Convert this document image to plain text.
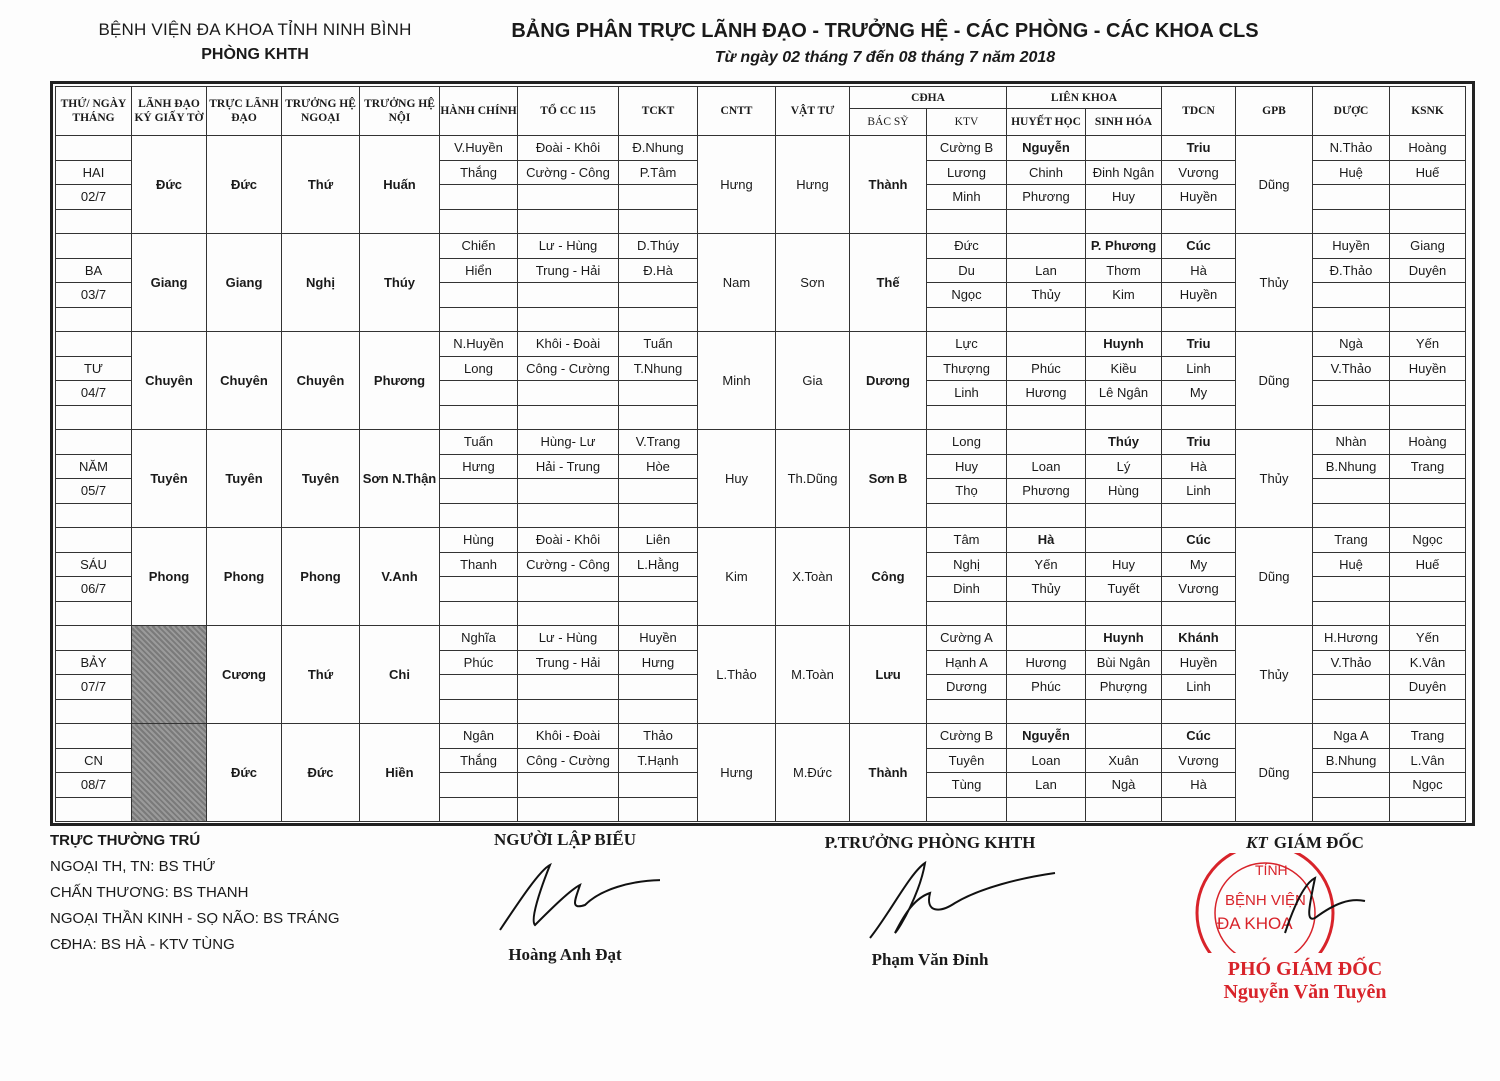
BỆNH VIỆN ĐA KHOA TỈNH NINH BÌNH
PHÒNG KHTH
BẢNG PHÂN TRỰC LÃNH ĐẠO - TRƯỞNG HỆ - CÁC PHÒNG - CÁC KHOA CLS
Từ ngày 02 tháng 7 đến 08 tháng 7 năm 2018
THỨ/ NGÀY THÁNG	LÃNH ĐẠO KÝ GIẤY TỜ	TRỰC LÃNH ĐẠO	TRƯỞNG HỆ NGOẠI	TRƯỞNG HỆ NỘI	HÀNH CHÍNH	TỔ CC 115	TCKT	CNTT	VẬT TƯ	CĐHA		LIÊN KHOA		TDCN	GPB	DƯỢC	KSNK
										BÁC SỸ	KTV	HUYẾT HỌC	SINH HÓA				
	Đức	Đức	Thứ	Huấn	V.Huyền	Đoài - Khôi	Đ.Nhung	Hưng	Hưng	Thành	Cường B	Nguyễn		Triu	Dũng	N.Thảo	Hoàng
HAI					Thắng	Cường - Công	P.Tâm				Lương	Chinh	Đinh Ngân	Vương		Huệ	Huế
02/7											Minh	Phương	Huy	Huyền			

	Giang	Giang	Nghị	Thúy	Chiến	Lư - Hùng	D.Thúy	Nam	Sơn	Thế	Đức		P. Phương	Cúc	Thủy	Huyền	Giang
BA					Hiển	Trung - Hải	Đ.Hà				Du	Lan	Thơm	Hà		Đ.Thảo	Duyên
03/7											Ngọc	Thủy	Kim	Huyền			

	Chuyên	Chuyên	Chuyên	Phương	N.Huyền	Khôi - Đoài	Tuấn	Minh	Gia	Dương	Lực		Huynh	Triu	Dũng	Ngà	Yến
TƯ					Long	Công - Cường	T.Nhung				Thượng	Phúc	Kiều	Linh		V.Thảo	Huyền
04/7											Linh	Hương	Lê Ngân	My			

	Tuyên	Tuyên	Tuyên	Sơn N.Thận	Tuấn	Hùng- Lư	V.Trang	Huy	Th.Dũng	Sơn B	Long		Thúy	Triu	Thủy	Nhàn	Hoàng
NĂM					Hưng	Hải - Trung	Hòe				Huy	Loan	Lý	Hà		B.Nhung	Trang
05/7											Thọ	Phương	Hùng	Linh			

	Phong	Phong	Phong	V.Anh	Hùng	Đoài - Khôi	Liên	Kim	X.Toàn	Công	Tâm	Hà		Cúc	Dũng	Trang	Ngọc
SÁU					Thanh	Cường - Công	L.Hằng				Nghị	Yến	Huy	My		Huệ	Huế
06/7											Dinh	Thủy	Tuyết	Vương			

		Cương	Thứ	Chi	Nghĩa	Lư - Hùng	Huyền	L.Thảo	M.Toàn	Lưu	Cường A		Huynh	Khánh	Thủy	H.Hương	Yến
BẢY					Phúc	Trung - Hải	Hưng				Hạnh A	Hương	Bùi Ngân	Huyền		V.Thảo	K.Vân
07/7											Dương	Phúc	Phượng	Linh			Duyên

		Đức	Đức	Hiền	Ngân	Khôi - Đoài	Thảo	Hưng	M.Đức	Thành	Cường B	Nguyễn		Cúc	Dũng	Nga A	Trang
CN					Thắng	Công - Cường	T.Hạnh				Tuyên	Loan	Xuân	Vương		B.Nhung	L.Vân
08/7											Tùng	Lan	Ngà	Hà			Ngọc

TRỰC THƯỜNG TRÚ
NGOẠI TH, TN: BS THỨ
CHẤN THƯƠNG: BS THANH
NGOẠI THẦN KINH - SỌ NÃO: BS TRÁNG
CĐHA: BS HÀ - KTV TÙNG
NGƯỜI LẬP BIỂU
Hoàng Anh Đạt
P.TRƯỞNG PHÒNG KHTH
Phạm Văn Đỉnh
KT GIÁM ĐỐC
TỈNH
BỆNH VIỆN
ĐA KHOA
PHÓ GIÁM ĐỐC
Nguyễn Văn Tuyên
